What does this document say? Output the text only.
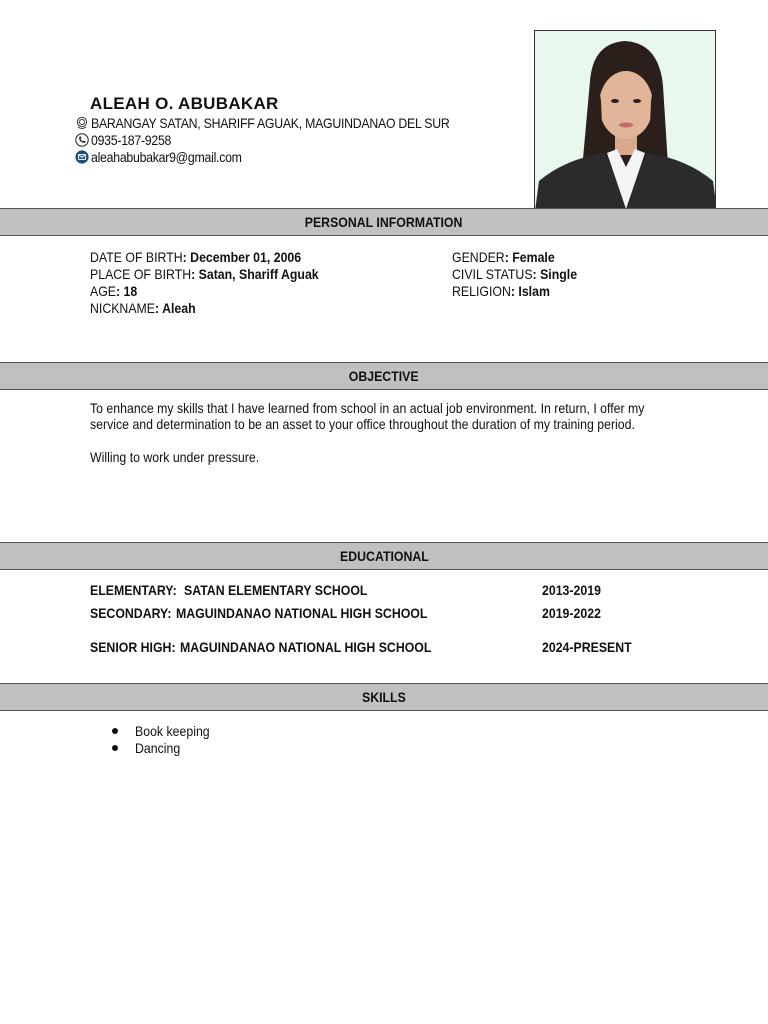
ALEAH O. ABUBAKAR
BARANGAY SATAN, SHARIFF AGUAK, MAGUINDANAO DEL SUR
0935-187-9258
aleahabubakar9@gmail.com
PERSONAL INFORMATION
DATE OF BIRTH: December 01, 2006
PLACE OF BIRTH: Satan, Shariff Aguak
AGE: 18
NICKNAME: Aleah
GENDER: Female
CIVIL STATUS: Single
RELIGION: Islam
OBJECTIVE
To enhance my skills that I have learned from school in an actual job environment. In return, I offer my
service and determination to be an asset to your office throughout the duration of my training period.
Willing to work under pressure.
EDUCATIONAL
ELEMENTARY: SATAN ELEMENTARY SCHOOL	2013-2019
SECONDARY: MAGUINDANAO NATIONAL HIGH SCHOOL	2019-2022
SENIOR HIGH: MAGUINDANAO NATIONAL HIGH SCHOOL	2024-PRESENT
SKILLS
Book keeping
Dancing
